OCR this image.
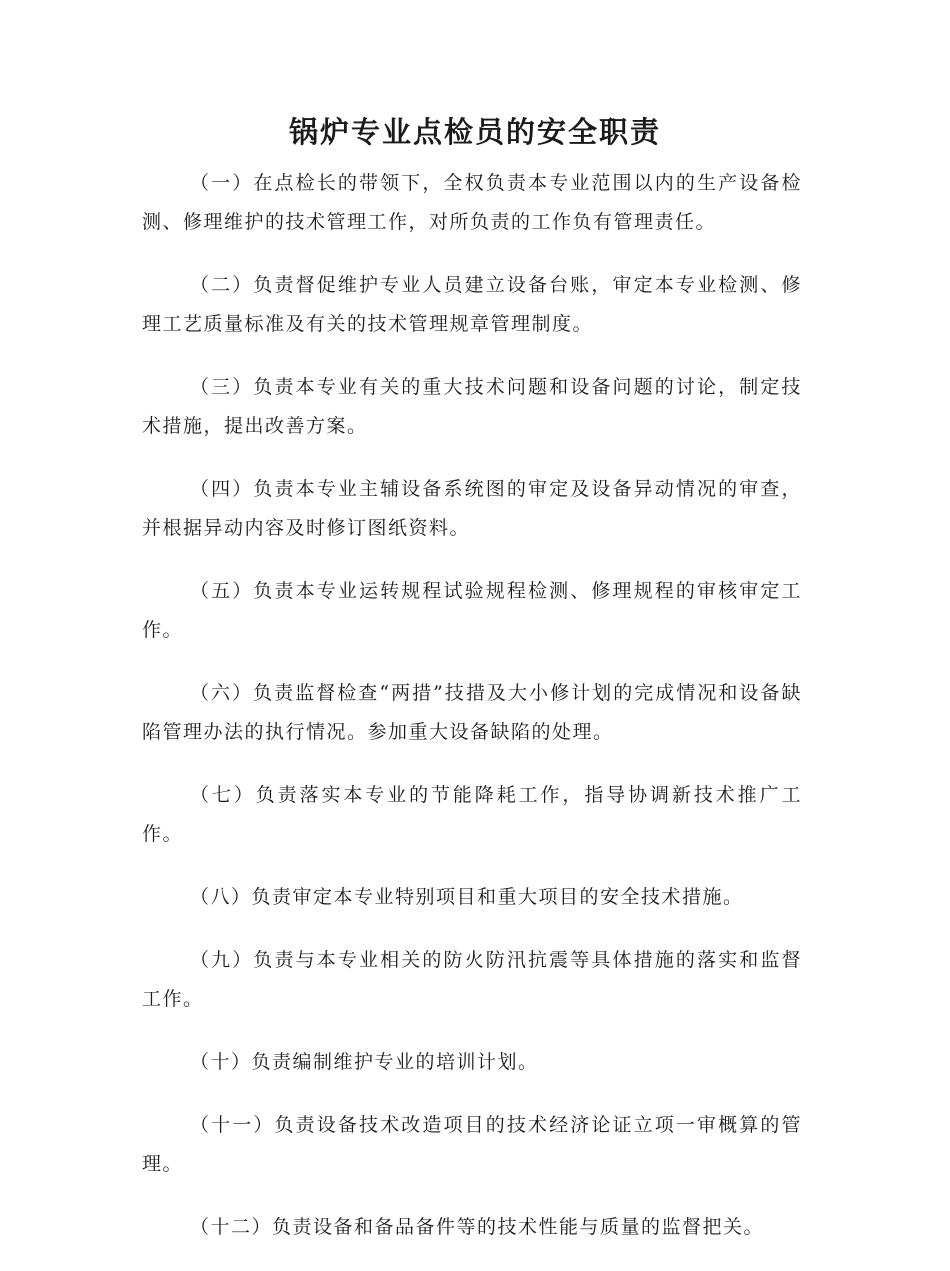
锅炉专业点检员的安全职责

（一）在点检长的带领下，全权负责本专业范围以内的生产设备检测、修理维护的技术管理工作，对所负责的工作负有管理责任。

（二）负责督促维护专业人员建立设备台账，审定本专业检测、修理工艺质量标准及有关的技术管理规章管理制度。

（三）负责本专业有关的重大技术问题和设备问题的讨论，制定技术措施，提出改善方案。

（四）负责本专业主辅设备系统图的审定及设备异动情况的审查，并根据异动内容及时修订图纸资料。

（五）负责本专业运转规程试验规程检测、修理规程的审核审定工作。

（六）负责监督检查“两措”技措及大小修计划的完成情况和设备缺陷管理办法的执行情况。参加重大设备缺陷的处理。

（七）负责落实本专业的节能降耗工作，指导协调新技术推广工作。

（八）负责审定本专业特别项目和重大项目的安全技术措施。

（九）负责与本专业相关的防火防汛抗震等具体措施的落实和监督工作。

（十）负责编制维护专业的培训计划。

（十一）负责设备技术改造项目的技术经济论证立项一审概算的管理。

（十二）负责设备和备品备件等的技术性能与质量的监督把关。
